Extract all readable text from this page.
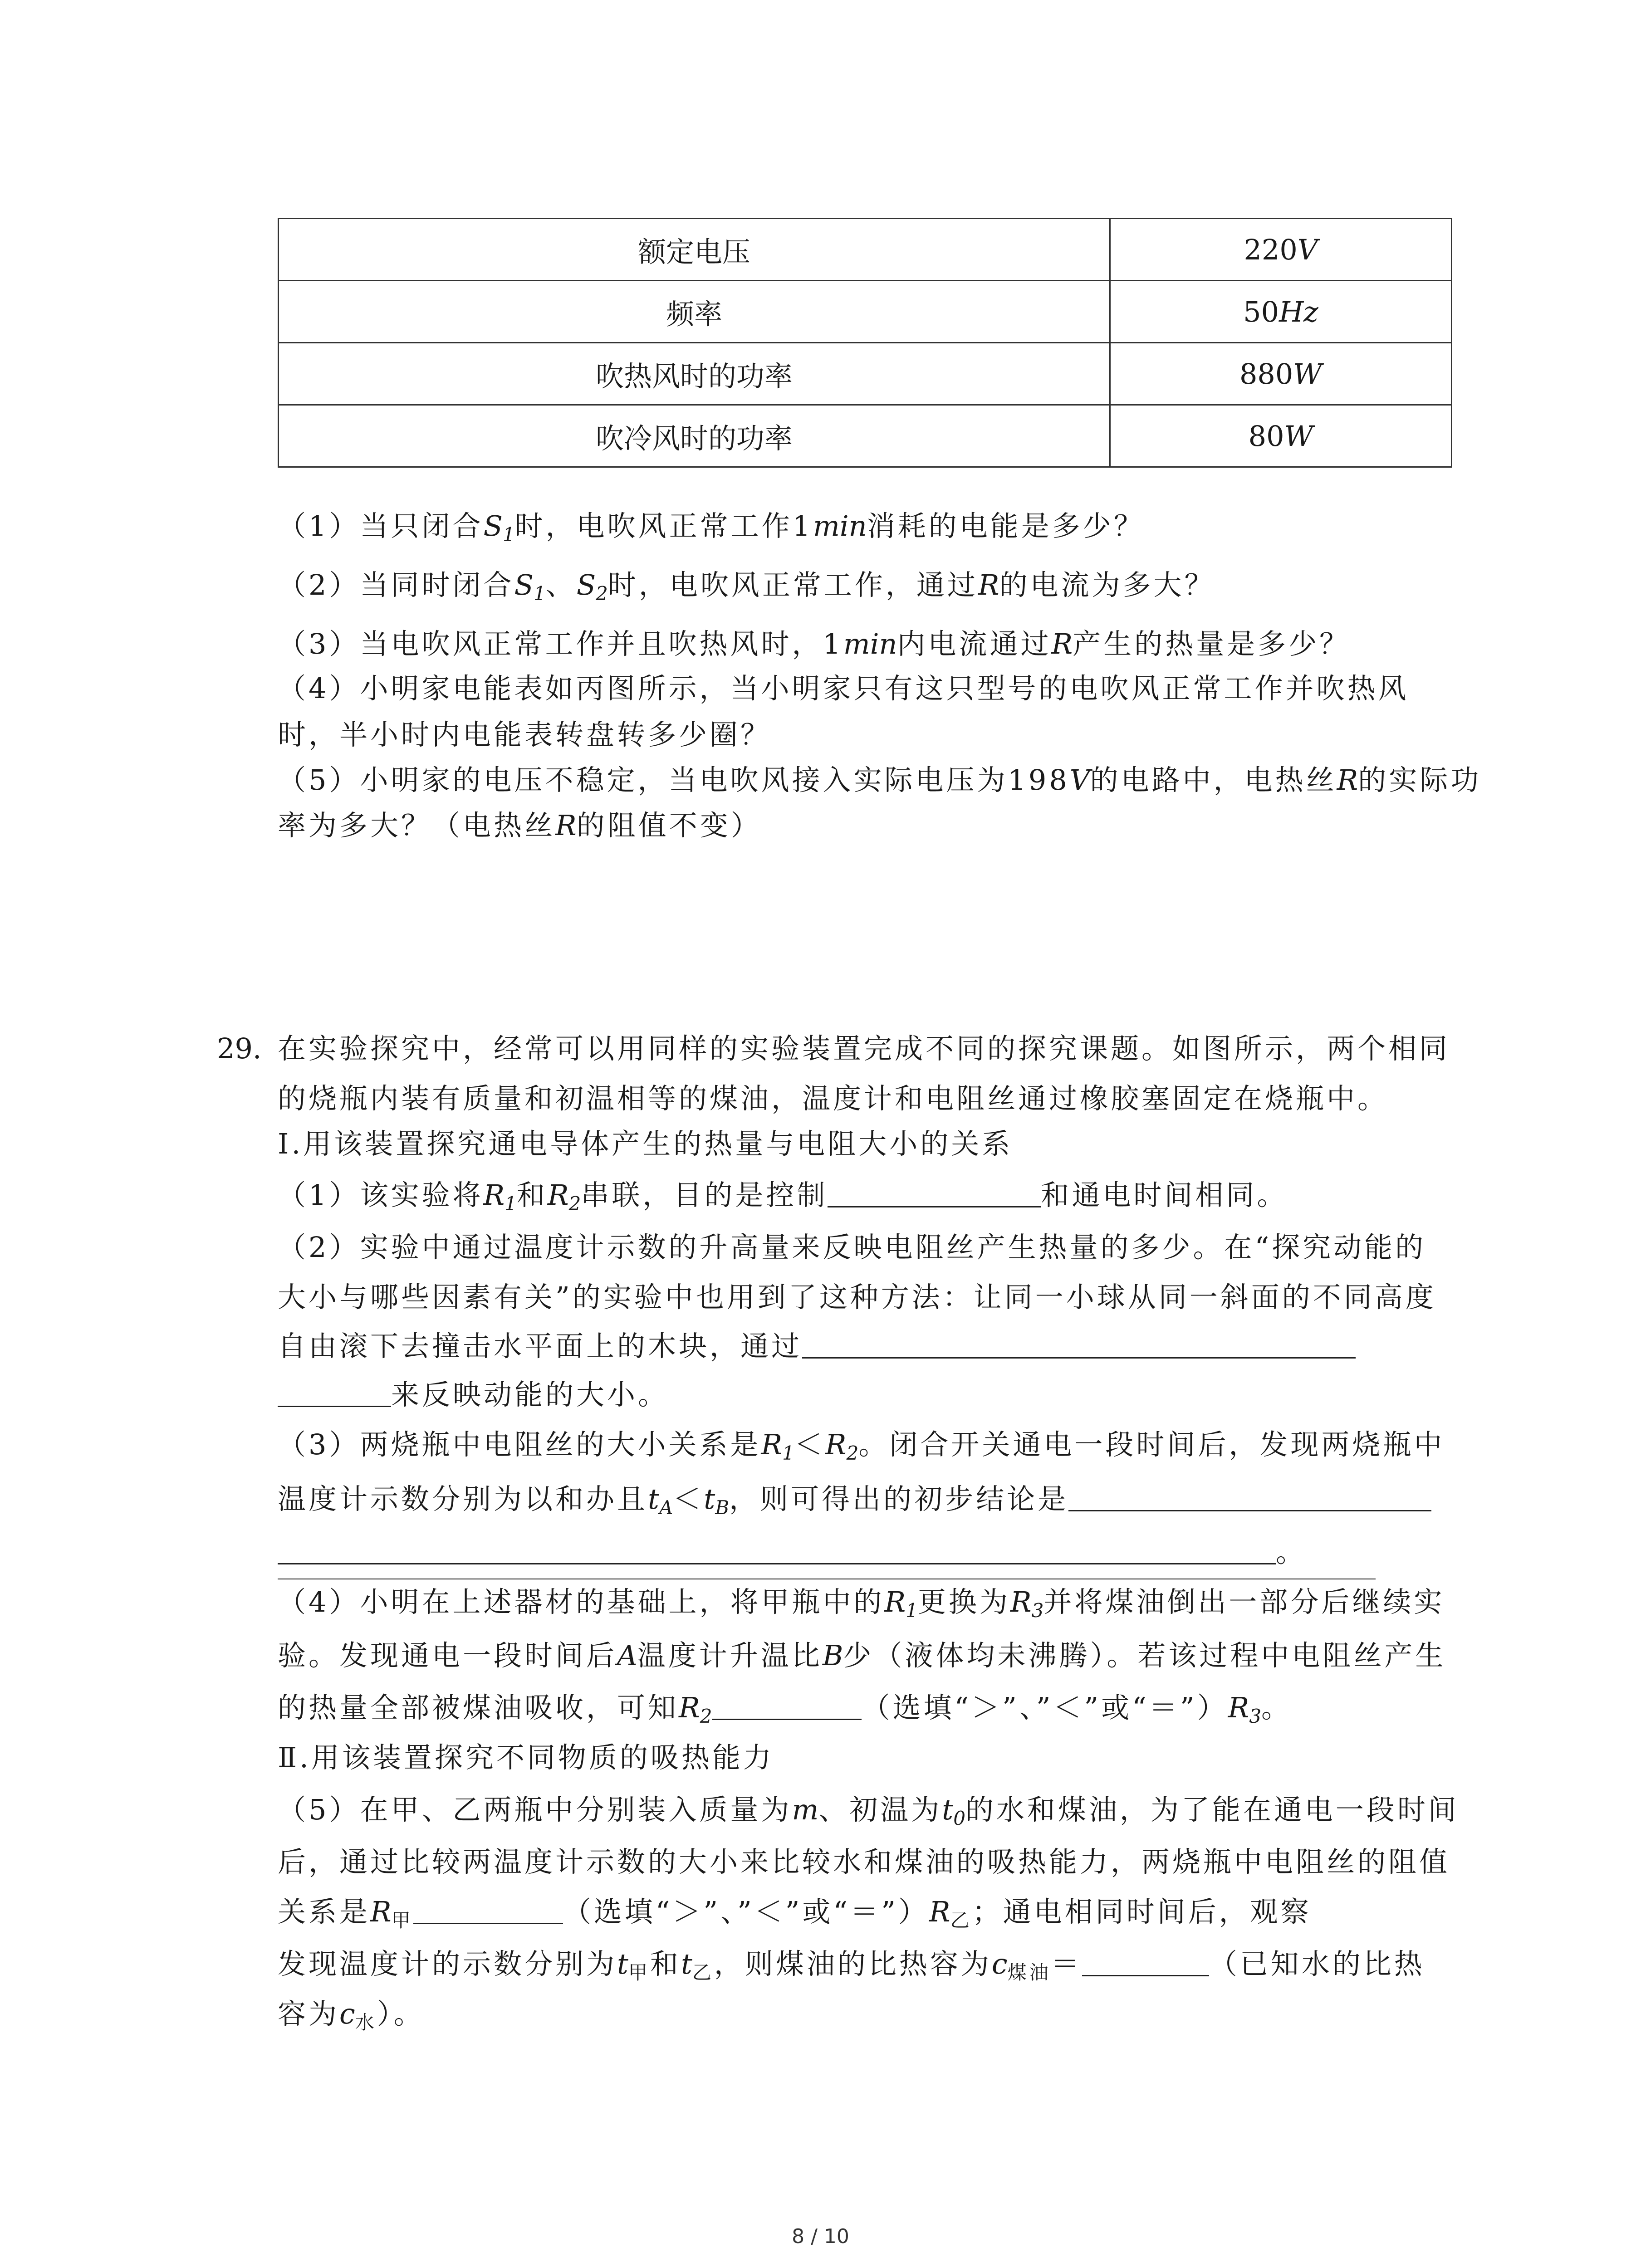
额定电压	220V
频率	50Hz
吹热风时的功率	880W
吹冷风时的功率	80W
（1）当只闭合$S_1$时，电吹风正常工作1min消耗的电能是多少？
（2）当同时闭合$S_1$、$S_2$时，电吹风正常工作，通过R的电流为多大？
（3）当电吹风正常工作并且吹热风时，1min内电流通过R产生的热量是多少？
（4）小明家电能表如丙图所示，当小明家只有这只型号的电吹风正常工作并吹热风
时，半小时内电能表转盘转多少圈？
（5）小明家的电压不稳定，当电吹风接入实际电压为198V的电路中，电热丝R的实际功
率为多大？（电热丝R的阻值不变）
29. 在实验探究中，经常可以用同样的实验装置完成不同的探究课题。如图所示，两个相同
的烧瓶内装有质量和初温相等的煤油，温度计和电阻丝通过橡胶塞固定在烧瓶中。
Ⅰ.用该装置探究通电导体产生的热量与电阻大小的关系
（1）该实验将$R_1$和$R_2$串联，目的是控制	和通电时间相同。
（2）实验中通过温度计示数的升高量来反映电阻丝产生热量的多少。在“探究动能的
大小与哪些因素有关”的实验中也用到了这种方法：让同一小球从同一斜面的不同高度
自由滚下去撞击水平面上的木块，通过
来反映动能的大小。
（3）两烧瓶中电阻丝的大小关系是$R_1<R_2$。闭合开关通电一段时间后，发现两烧瓶中
温度计示数分别为以和办且$t_A<t_B$，则可得出的初步结论是
。
（4）小明在上述器材的基础上，将甲瓶中的$R_1$更换为$R_3$并将煤油倒出一部分后继续实
验。发现通电一段时间后A温度计升温比B少（液体均未沸腾）。若该过程中电阻丝产生
的热量全部被煤油吸收，可知$R_2$	（选填“＞”、”＜”或“$=”)R_3$。
Ⅱ.用该装置探究不同物质的吸热能力
（5）在甲、乙两瓶中分别装入质量为m、初温为$t_0$的水和煤油，为了能在通电一段时间
后，通过比较两温度计示数的大小来比较水和煤油的吸热能力，两烧瓶中电阻丝的阻值
关系是$R_甲$	（选填“＞”、”＜”或“$=”)R_乙$；通电相同时间后，观察
发现温度计的示数分别为$t_甲$和$t_乙$，则煤油的比热容为$c_{煤油}=$	（已知水的比热
容为$c_水$）。
8 / 10
